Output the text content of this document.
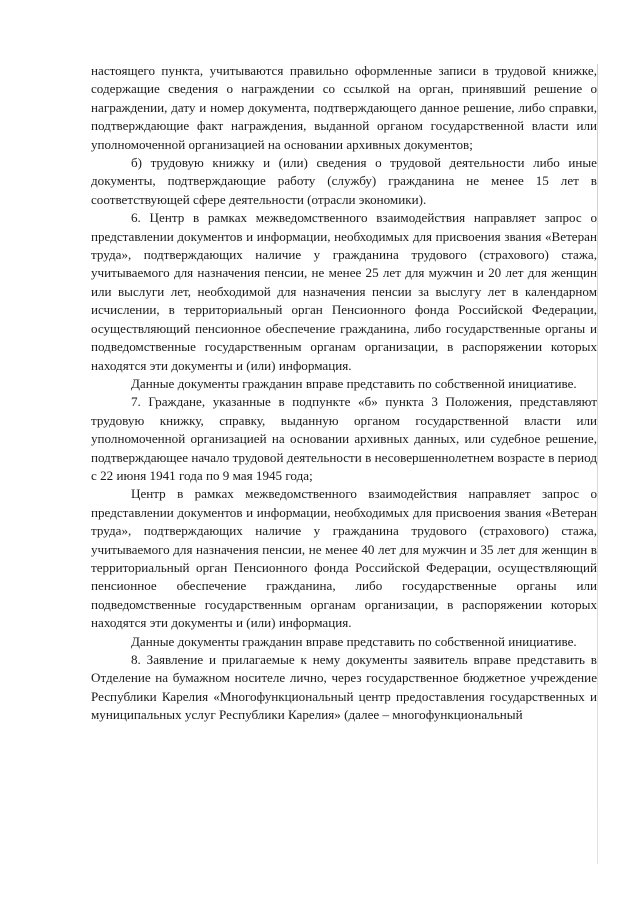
настоящего пункта, учитываются правильно оформленные записи в трудовой книжке, содержащие сведения о награждении со ссылкой на орган, принявший решение о награждении, дату и номер документа, подтверждающего данное решение, либо справки, подтверждающие факт награждения, выданной органом государственной власти или уполномоченной организацией на основании архивных документов;

б) трудовую книжку и (или) сведения о трудовой деятельности либо иные документы, подтверждающие работу (службу) гражданина не менее 15 лет в соответствующей сфере деятельности (отрасли экономики).

6. Центр в рамках межведомственного взаимодействия направляет запрос о представлении документов и информации, необходимых для присвоения звания «Ветеран труда», подтверждающих наличие у гражданина трудового (страхового) стажа, учитываемого для назначения пенсии, не менее 25 лет для мужчин и 20 лет для женщин или выслуги лет, необходимой для назначения пенсии за выслугу лет в календарном исчислении, в территориальный орган Пенсионного фонда Российской Федерации, осуществляющий пенсионное обеспечение гражданина, либо государственные органы и подведомственные государственным органам организации, в распоряжении которых находятся эти документы и (или) информация.

Данные документы гражданин вправе представить по собственной инициативе.

7. Граждане, указанные в подпункте «б» пункта 3 Положения, представляют трудовую книжку, справку, выданную органом государственной власти или уполномоченной организацией на основании архивных данных, или судебное решение, подтверждающее начало трудовой деятельности в несовершеннолетнем возрасте в период с 22 июня 1941 года по 9 мая 1945 года;

Центр в рамках межведомственного взаимодействия направляет запрос о представлении документов и информации, необходимых для присвоения звания «Ветеран труда», подтверждающих наличие у гражданина трудового (страхового) стажа, учитываемого для назначения пенсии, не менее 40 лет для мужчин и 35 лет для женщин в территориальный орган Пенсионного фонда Российской Федерации, осуществляющий пенсионное обеспечение гражданина, либо государственные органы или подведомственные государственным органам организации, в распоряжении которых находятся эти документы и (или) информация.

Данные документы гражданин вправе представить по собственной инициативе.

8. Заявление и прилагаемые к нему документы заявитель вправе представить в Отделение на бумажном носителе лично, через государственное бюджетное учреждение Республики Карелия «Многофункциональный центр предоставления государственных и муниципальных услуг Республики Карелия» (далее – многофункциональный
